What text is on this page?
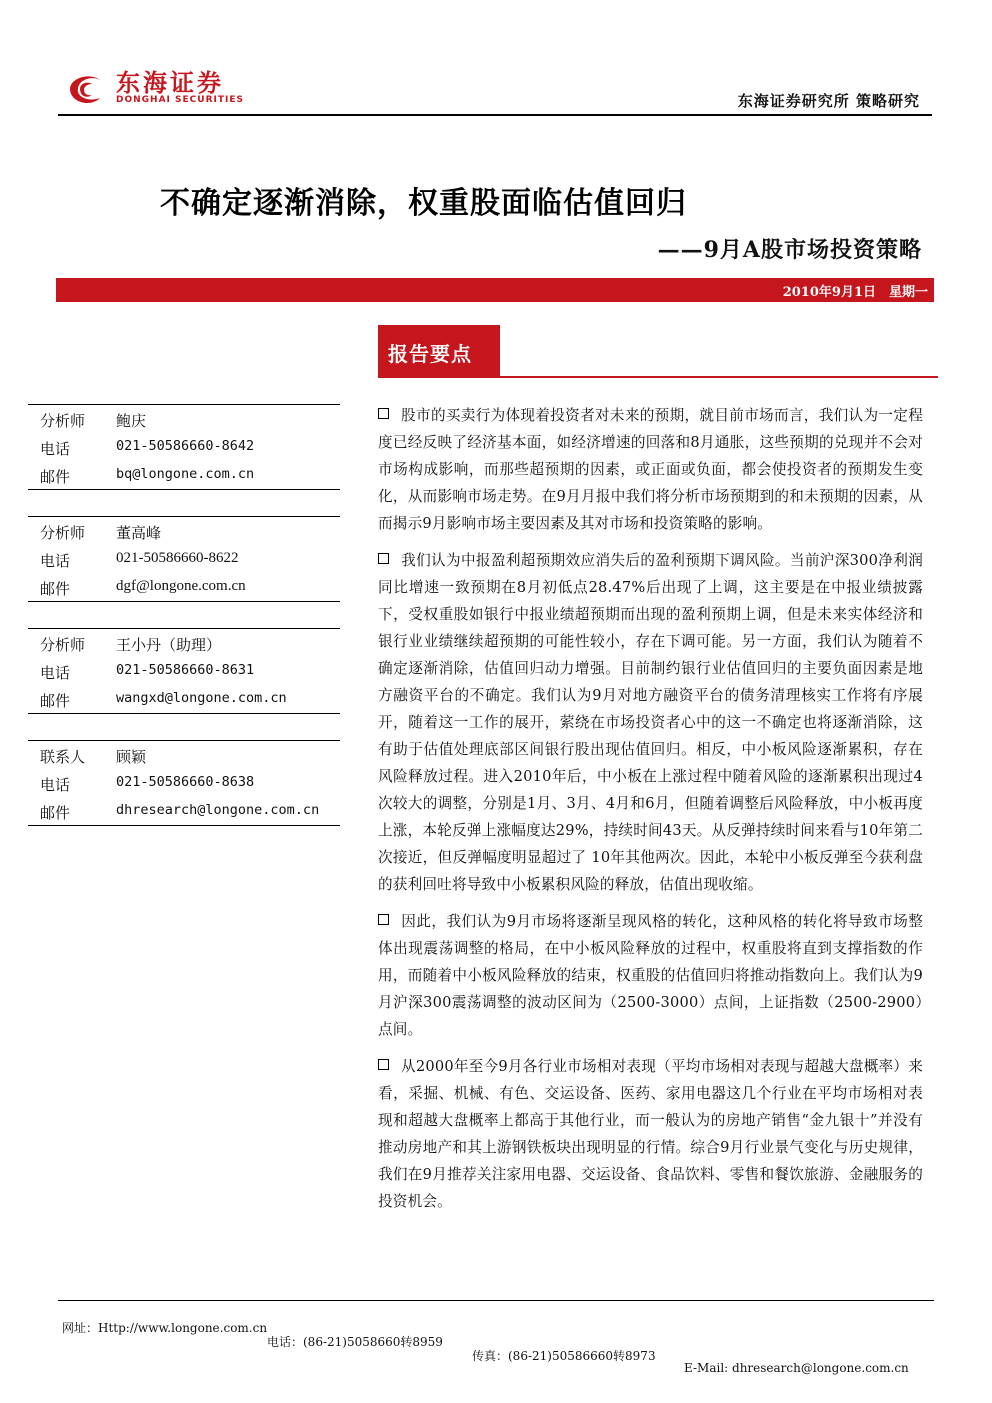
东海证券
DONGHAI SECURITIES	东海证券研究所 策略研究
不确定逐渐消除，权重股面临估值回归
——9月A股市场投资策略
2010年9月1日 星期一
报告要点
分析师 鲍庆
电话	021-50586660-8642
邮件	bq@longone.com.cn
分析师 董高峰
电话	021-50586660-8622
邮件	dgf@longone.com.cn
分析师 王小丹（助理）
电话	021-50586660-8631
邮件	wangxd@longone.com.cn
联系人 顾颖
电话	021-50586660-8638
邮件	dhresearch@longone.com.cn

股市的买卖行为体现着投资者对未来的预期，就目前市场而言，我们认为一定程度已经反映了经济基本面，如经济增速的回落和8月通胀，这些预期的兑现并不会对市场构成影响，而那些超预期的因素，或正面或负面，都会使投资者的预期发生变化，从而影响市场走势。在9月月报中我们将分析市场预期到的和未预期的因素，从而揭示9月影响市场主要因素及其对市场和投资策略的影响。

我们认为中报盈利超预期效应消失后的盈利预期下调风险。当前沪深300净利润同比增速一致预期在8月初低点28.47%后出现了上调，这主要是在中报业绩披露下，受权重股如银行中报业绩超预期而出现的盈利预期上调，但是未来实体经济和银行业业绩继续超预期的可能性较小，存在下调可能。另一方面，我们认为随着不确定逐渐消除，估值回归动力增强。目前制约银行业估值回归的主要负面因素是地方融资平台的不确定。我们认为9月对地方融资平台的债务清理核实工作将有序展开，随着这一工作的展开，萦绕在市场投资者心中的这一不确定也将逐渐消除，这有助于估值处理底部区间银行股出现估值回归。相反，中小板风险逐渐累积，存在风险释放过程。进入2010年后，中小板在上涨过程中随着风险的逐渐累积出现过4次较大的调整，分别是1月、3月、4月和6月，但随着调整后风险释放，中小板再度上涨，本轮反弹上涨幅度达29%，持续时间43天。从反弹持续时间来看与10年第二次接近，但反弹幅度明显超过了 10年其他两次。因此，本轮中小板反弹至今获利盘的获利回吐将导致中小板累积风险的释放，估值出现收缩。

因此，我们认为9月市场将逐渐呈现风格的转化，这种风格的转化将导致市场整体出现震荡调整的格局，在中小板风险释放的过程中，权重股将直到支撑指数的作用，而随着中小板风险释放的结束，权重股的估值回归将推动指数向上。我们认为9月沪深300震荡调整的波动区间为（2500-3000）点间，上证指数（2500-2900）点间。

从2000年至今9月各行业市场相对表现（平均市场相对表现与超越大盘概率）来看，采掘、机械、有色、交运设备、医药、家用电器这几个行业在平均市场相对表现和超越大盘概率上都高于其他行业，而一般认为的房地产销售“金九银十”并没有推动房地产和其上游钢铁板块出现明显的行情。综合9月行业景气变化与历史规律，我们在9月推荐关注家用电器、交运设备、食品饮料、零售和餐饮旅游、金融服务的投资机会。

网址：Http://www.longone.com.cn

电话：(86-21)5058660转8959

传真：(86-21)50586660转8973

E-Mail: dhresearch@longone.com.cn
